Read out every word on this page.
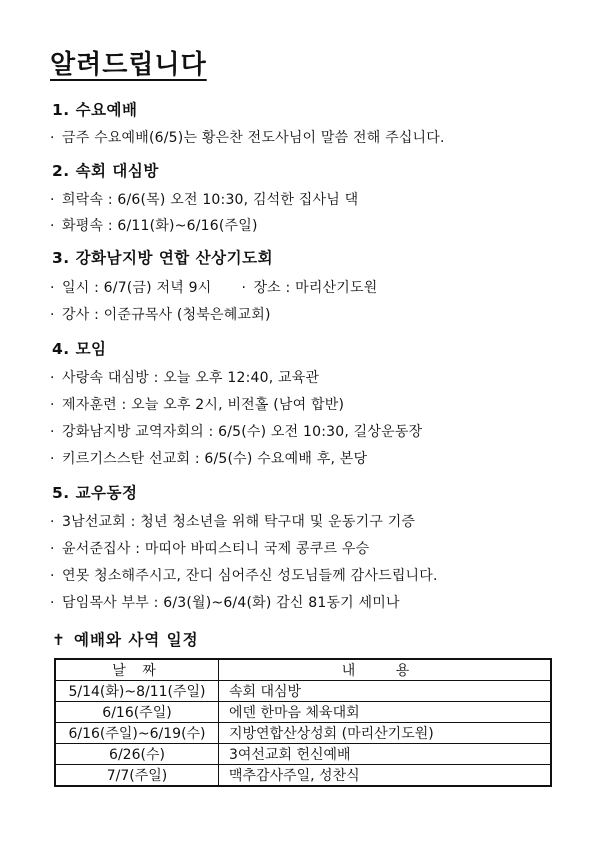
알려드립니다
1. 수요예배
· 금주 수요예배(6/5)는 황은찬 전도사님이 말씀 전해 주십니다.
2. 속회 대심방
· 희락속 : 6/6(목) 오전 10:30, 김석한 집사님 댁
· 화평속 : 6/11(화)~6/16(주일)
3. 강화남지방 연합 산상기도회
· 일시 : 6/7(금) 저녁 9시 · 장소 : 마리산기도원
· 강사 : 이준규목사 (청북은혜교회)
4. 모임
· 사랑속 대심방 : 오늘 오후 12:40, 교육관
· 제자훈련 : 오늘 오후 2시, 비전홀 (남여 합반)
· 강화남지방 교역자회의 : 6/5(수) 오전 10:30, 길상운동장
· 키르기스스탄 선교회 : 6/5(수) 수요예배 후, 본당
5. 교우동정
· 3남선교회 : 청년 청소년을 위해 탁구대 및 운동기구 기증
· 윤서준집사 : 마띠아 바띠스티니 국제 콩쿠르 우승
· 연못 청소해주시고, 잔디 심어주신 성도님들께 감사드립니다.
· 담임목사 부부 : 6/3(월)~6/4(화) 감신 81동기 세미나
✝ 예배와 사역 일정
날 짜	내 용
5/14(화)~8/11(주일)	속회 대심방
6/16(주일)	에덴 한마음 체육대회
6/16(주일)~6/19(수)	지방연합산상성회 (마리산기도원)
6/26(수)	3여선교회 헌신예배
7/7(주일)	맥추감사주일, 성찬식
